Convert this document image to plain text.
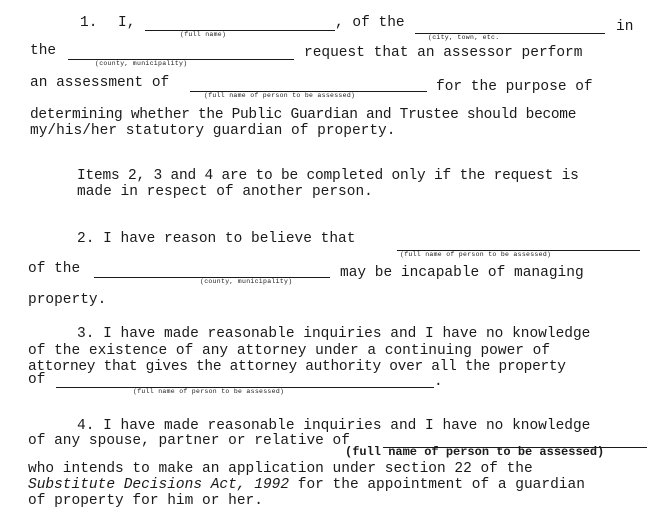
1. I,
(full name)
, of the
(city, town, etc.
in
the
(county, municipality)
request that an assessor perform
an assessment of
(full name of person to be assessed)
for the purpose of
determining whether the Public Guardian and Trustee should become
my/his/her statutory guardian of property.
Items 2, 3 and 4 are to be completed only if the request is
made in respect of another person.
2. I have reason to believe that
(full name of person to be assessed)
of the
(county, municipality)
may be incapable of managing
property.
3. I have made reasonable inquiries and I have no knowledge
of the existence of any attorney under a continuing power of
attorney that gives the attorney authority over all the property
of	.
(full name of person to be assessed)
4. I have made reasonable inquiries and I have no knowledge
of any spouse, partner or relative of
(full name of person to be assessed)
who intends to make an application under section 22 of the
Substitute Decisions Act, 1992 for the appointment of a guardian
of property for him or her.
